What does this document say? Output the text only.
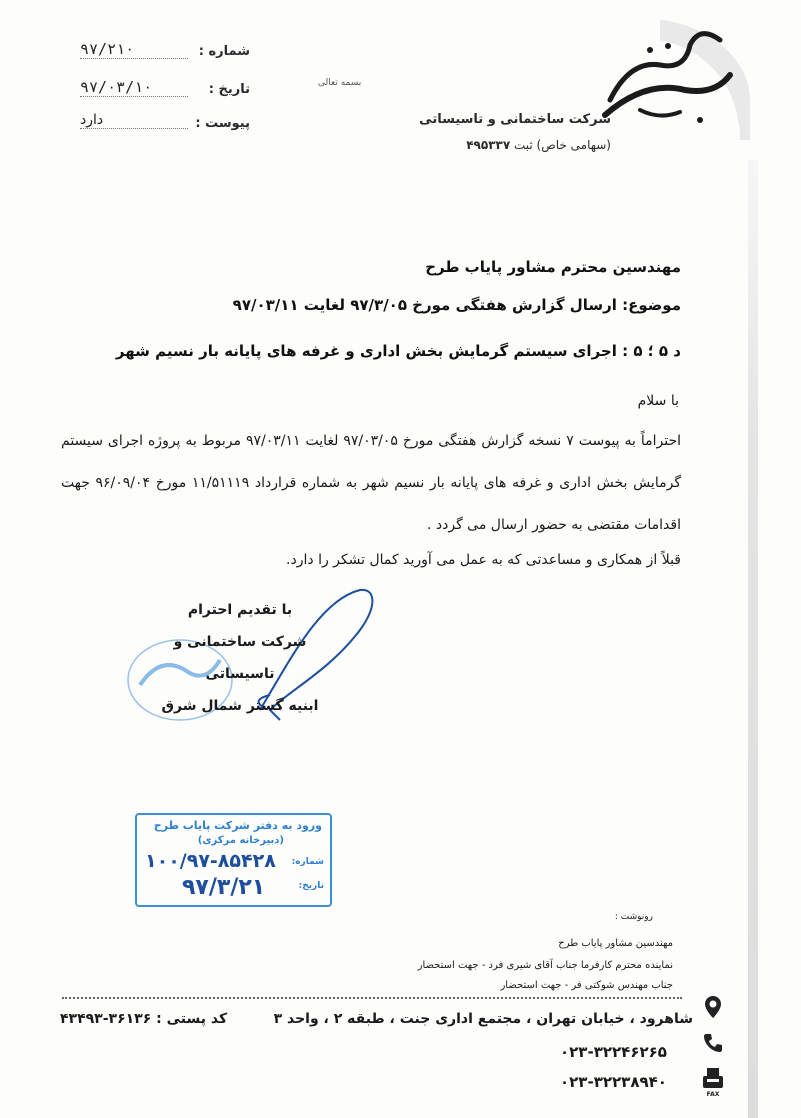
ابنیه گستر شمال شرق
شرکت ساختمانی و تاسیساتی
(سهامی خاص) ثبت ۴۹۵۳۳۷
بسمه تعالی
شماره :
۹۷/۲۱۰
تاریخ :
۹۷/۰۳/۱۰
پیوست :
دارد
مهندسین محترم مشاور پایاب طرح
موضوع: ارسال گزارش هفتگی مورخ ۹۷/۳/۰۵ لغایت ۹۷/۰۳/۱۱
د ۵ ؛ ۵ : اجرای سیستم گرمایش بخش اداری و غرفه های پایانه بار نسیم شهر
با سلام
احتراماً به پیوست ۷ نسخه گزارش هفتگی مورخ ۹۷/۰۳/۰۵ لغایت ۹۷/۰۳/۱۱ مربوط به پروژه اجرای سیستم گرمایش بخش اداری و غرفه های پایانه بار نسیم شهر به شماره قرارداد ۱۱/۵۱۱۱۹ مورخ ۹۶/۰۹/۰۴ جهت اقدامات مقتضی به حضور ارسال می گردد .
قبلاً از همکاری و مساعدتی که به عمل می آورید کمال تشکر را دارد.
با تقدیم احترام
شرکت ساختمانی و تاسیساتی
ابنیه گستر شمال شرق
ورود به دفتر شرکت پایاب طرح
(دبیرخانه مرکزی)
شماره:
تاریخ:
۱۰۰/۹۷-۸۵۴۲۸
۹۷/۳/۲۱
رونوشت :
مهندسین مشاور پایاب طرح
نماینده محترم کارفرما جناب آقای شیری فرد - جهت استحضار
جناب مهندس شوکتی فر - جهت استحضار
شاهرود ، خیابان تهران ، مجتمع اداری جنت ، طبقه ۲ ، واحد ۳
کد پستی : ۳۶۱۳۶-۴۳۴۹۳
۰۲۳-۳۲۲۴۶۲۶۵
۰۲۳-۳۲۲۳۸۹۴۰
FAX
